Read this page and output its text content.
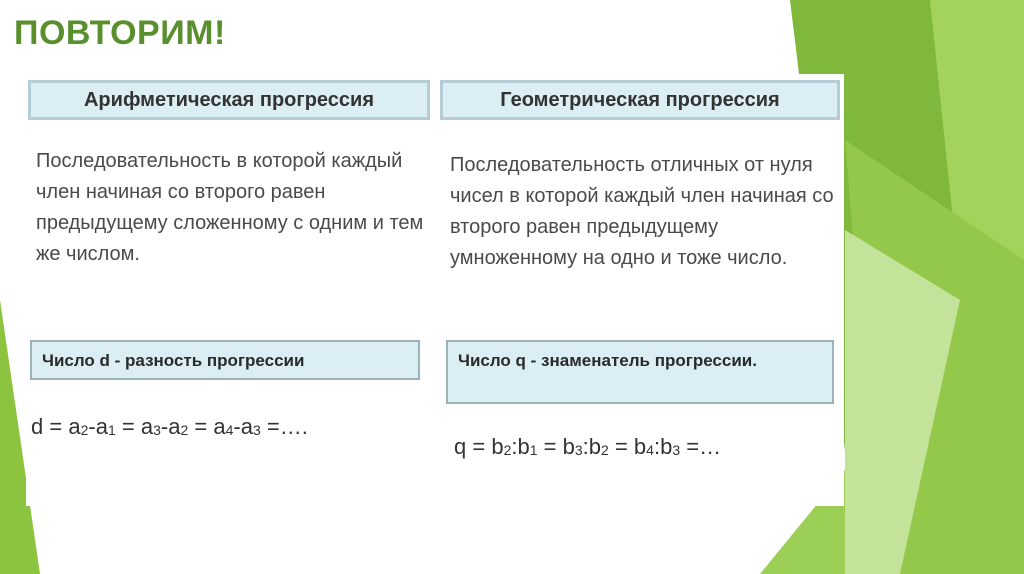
ПОВТОРИМ!
Арифметическая прогрессия	Геометрическая прогрессия
Последовательность в которой каждый член начиная со второго равен предыдущему сложенному с одним и тем же числом.
Последовательность отличных от нуля чисел в которой каждый член начиная со второго равен предыдущему умноженному на одно и тоже число.
Число d - разность прогрессии	Число q - знаменатель прогрессии.
$d = a_2-a_1 = a_3-a_2 = a_4-a_3$ =….
$q = b_2:b_1$ = $b_3:b_2$ = $b_4:b_3$ =…
